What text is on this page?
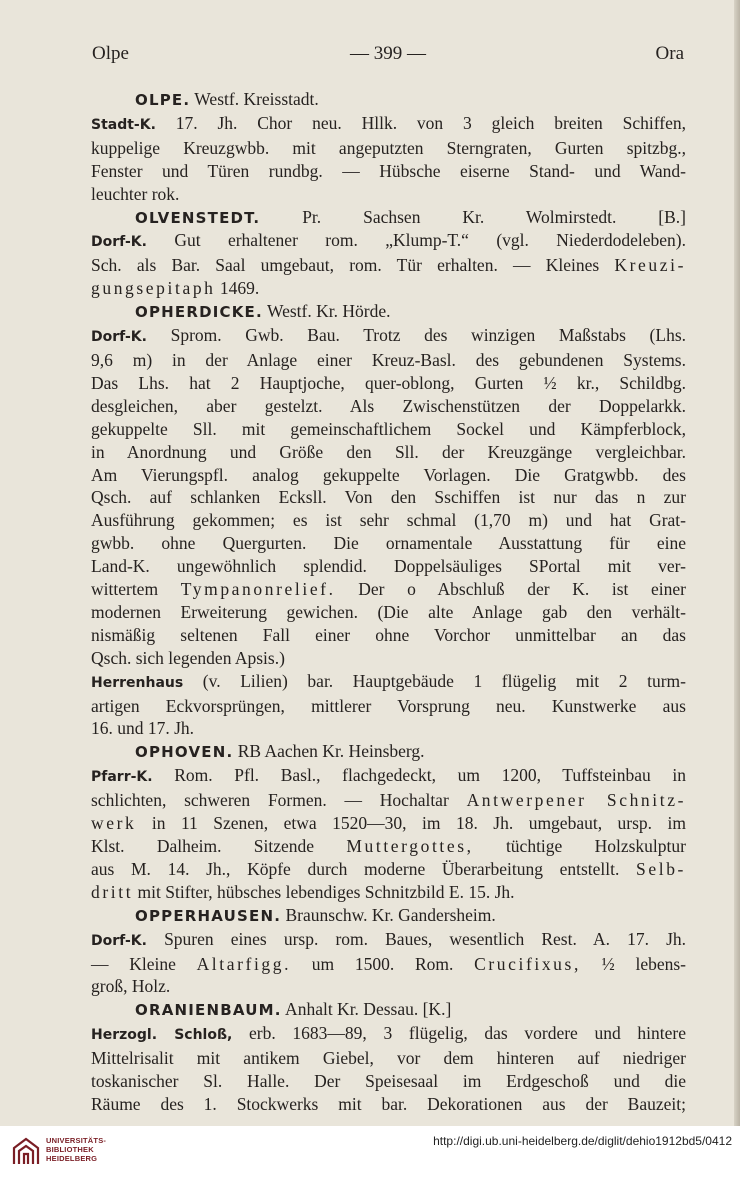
Olpe	— 399 —	Ora

OLPE. Westf. Kreisstadt.

Stadt-K. 17. Jh. Chor neu. Hllk. von 3 gleich breiten Schiffen,

kuppelige Kreuzgwbb. mit angeputzten Sterngraten, Gurten spitzbg.,

Fenster und Türen rundbg. — Hübsche eiserne Stand- und Wand-

leuchter rok.

OLVENSTEDT. Pr. Sachsen Kr. Wolmirstedt. [B.]

Dorf-K. Gut erhaltener rom. „Klump-T.“ (vgl. Niederdodeleben).

Sch. als Bar. Saal umgebaut, rom. Tür erhalten. — Kleines Kreuzi-

gungsepitaph 1469.

OPHERDICKE. Westf. Kr. Hörde.

Dorf-K. Sprom. Gwb. Bau. Trotz des winzigen Maßstabs (Lhs.

9,6 m) in der Anlage einer Kreuz-Basl. des gebundenen Systems.

Das Lhs. hat 2 Hauptjoche, quer-oblong, Gurten ½ kr., Schildbg.

desgleichen, aber gestelzt. Als Zwischenstützen der Doppelarkk.

gekuppelte Sll. mit gemeinschaftlichem Sockel und Kämpferblock,

in Anordnung und Größe den Sll. der Kreuzgänge vergleichbar.

Am Vierungspfl. analog gekuppelte Vorlagen. Die Gratgwbb. des

Qsch. auf schlanken Ecksll. Von den Sschiffen ist nur das n zur

Ausführung gekommen; es ist sehr schmal (1,70 m) und hat Grat-

gwbb. ohne Quergurten. Die ornamentale Ausstattung für eine

Land-K. ungewöhnlich splendid. Doppelsäuliges SPortal mit ver-

wittertem Tympanonrelief. Der o Abschluß der K. ist einer

modernen Erweiterung gewichen. (Die alte Anlage gab den verhält-

nismäßig seltenen Fall einer ohne Vorchor unmittelbar an das

Qsch. sich legenden Apsis.)

Herrenhaus (v. Lilien) bar. Hauptgebäude 1 flügelig mit 2 turm-

artigen Eckvorsprüngen, mittlerer Vorsprung neu. Kunstwerke aus

16. und 17. Jh.

OPHOVEN. RB Aachen Kr. Heinsberg.

Pfarr-K. Rom. Pfl. Basl., flachgedeckt, um 1200, Tuffsteinbau in

schlichten, schweren Formen. — Hochaltar Antwerpener Schnitz-

werk in 11 Szenen, etwa 1520—30, im 18. Jh. umgebaut, ursp. im

Klst. Dalheim. Sitzende Muttergottes, tüchtige Holzskulptur

aus M. 14. Jh., Köpfe durch moderne Überarbeitung entstellt. Selb-

dritt mit Stifter, hübsches lebendiges Schnitzbild E. 15. Jh.

OPPERHAUSEN. Braunschw. Kr. Gandersheim.

Dorf-K. Spuren eines ursp. rom. Baues, wesentlich Rest. A. 17. Jh.

— Kleine Altarfigg. um 1500. Rom. Crucifixus, ½ lebens-

groß, Holz.

ORANIENBAUM. Anhalt Kr. Dessau. [K.]

Herzogl. Schloß, erb. 1683—89, 3 flügelig, das vordere und hintere

Mittelrisalit mit antikem Giebel, vor dem hinteren auf niedriger

toskanischer Sl. Halle. Der Speisesaal im Erdgeschoß und die

Räume des 1. Stockwerks mit bar. Dekorationen aus der Bauzeit;

UNIVERSITÄTS-
BIBLIOTHEK
HEIDELBERG
http://digi.ub.uni-heidelberg.de/diglit/dehio1912bd5/0412
